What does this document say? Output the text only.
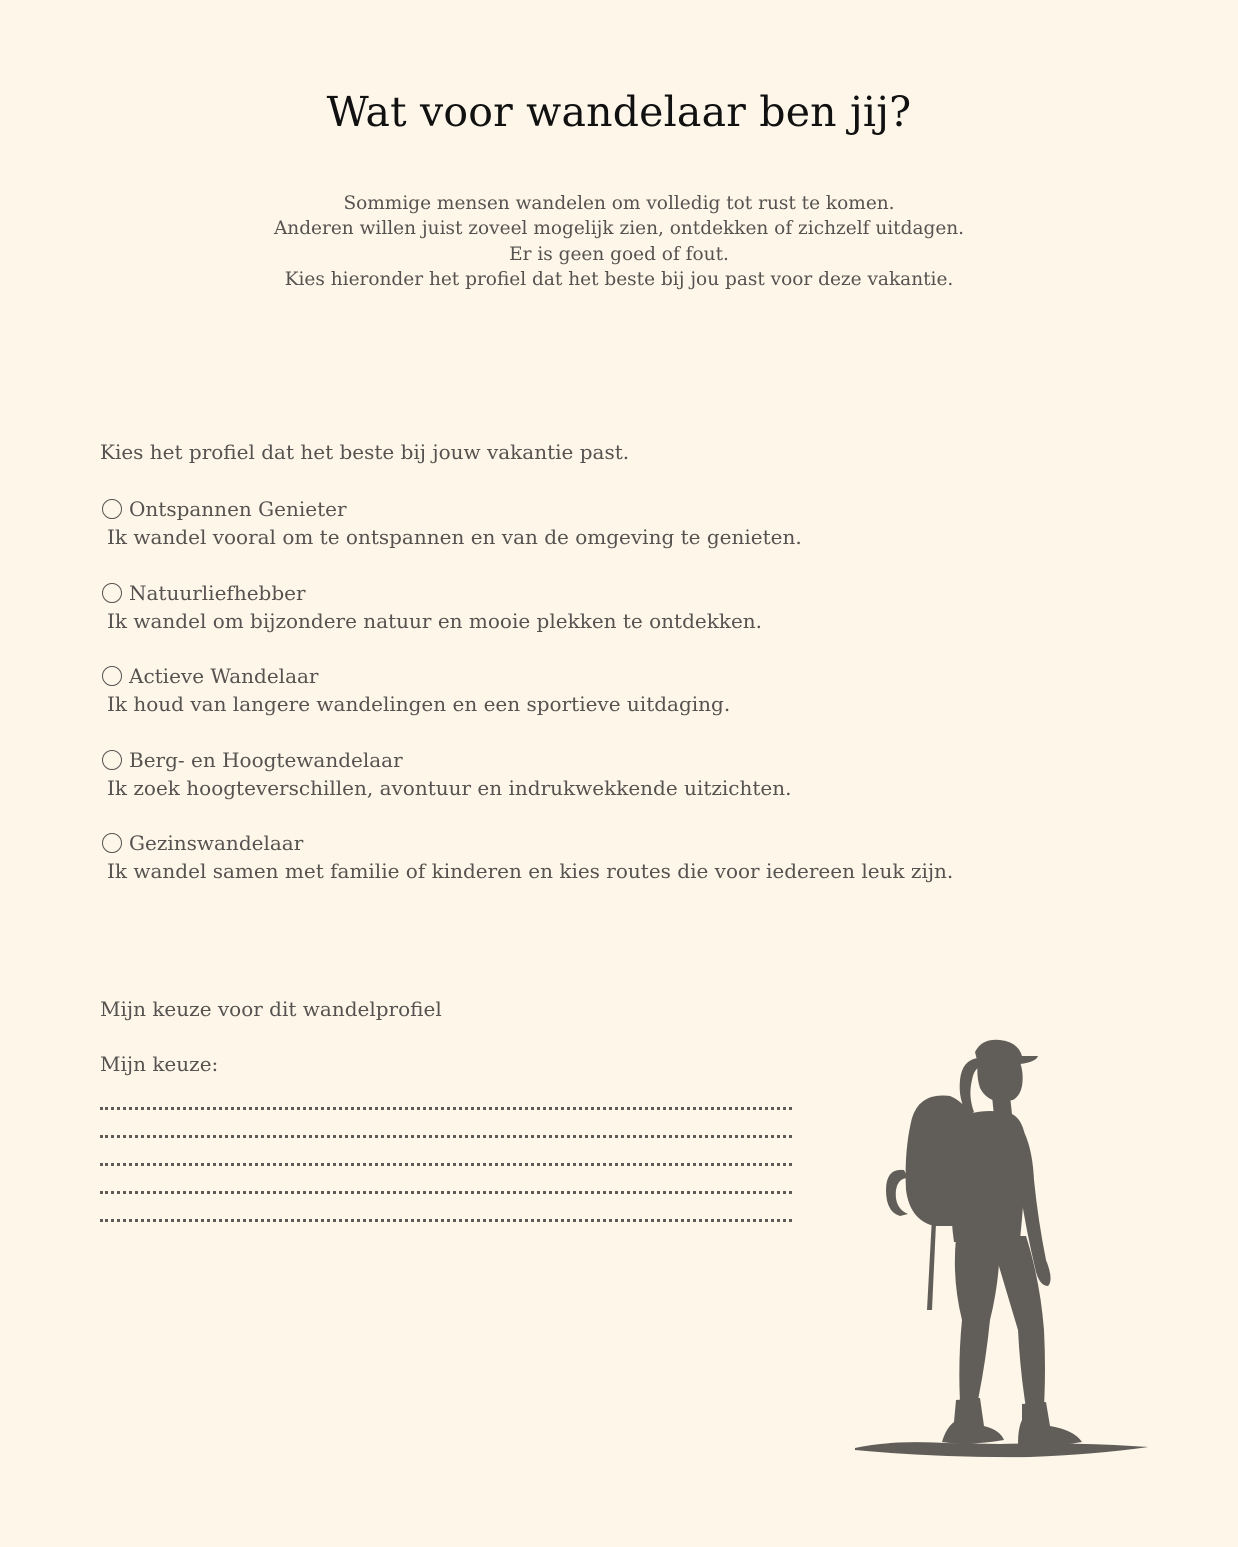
Wat voor wandelaar ben jij?
Sommige mensen wandelen om volledig tot rust te komen.
Anderen willen juist zoveel mogelijk zien, ontdekken of zichzelf uitdagen.
Er is geen goed of fout.
Kies hieronder het profiel dat het beste bij jou past voor deze vakantie.
Kies het profiel dat het beste bij jouw vakantie past.
Ontspannen Genieter
Ik wandel vooral om te ontspannen en van de omgeving te genieten.
Natuurliefhebber
Ik wandel om bijzondere natuur en mooie plekken te ontdekken.
Actieve Wandelaar
Ik houd van langere wandelingen en een sportieve uitdaging.
Berg- en Hoogtewandelaar
Ik zoek hoogteverschillen, avontuur en indrukwekkende uitzichten.
Gezinswandelaar
Ik wandel samen met familie of kinderen en kies routes die voor iedereen leuk zijn.
Mijn keuze voor dit wandelprofiel
Mijn keuze:
